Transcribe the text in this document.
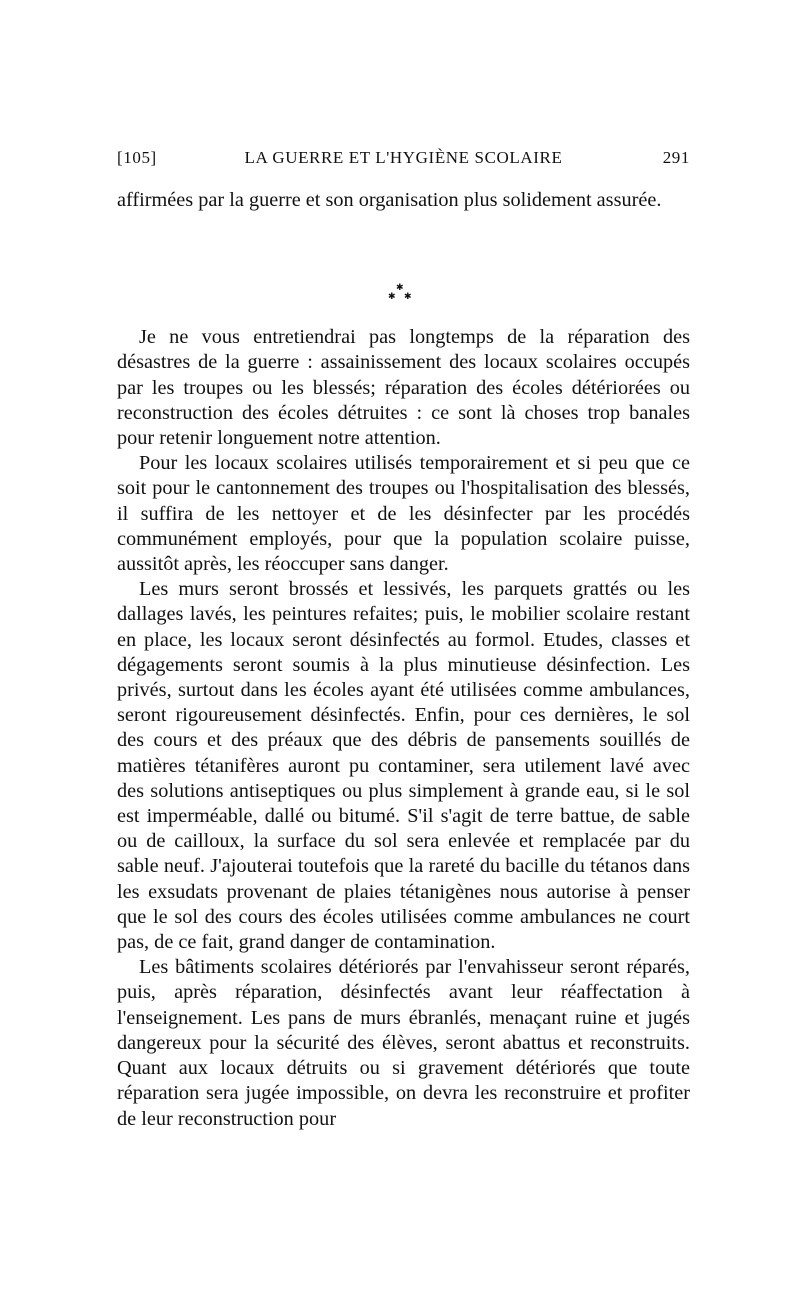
[105]	LA GUERRE ET L'HYGIÈNE SCOLAIRE	291

affirmées par la guerre et son organisation plus solidement assurée.

✱
✱ ✱

Je ne vous entretiendrai pas longtemps de la réparation des désastres de la guerre : assainissement des locaux scolaires occupés par les troupes ou les blessés; réparation des écoles détériorées ou reconstruction des écoles détruites : ce sont là choses trop banales pour retenir longuement notre attention.

Pour les locaux scolaires utilisés temporairement et si peu que ce soit pour le cantonnement des troupes ou l'hospitalisation des blessés, il suffira de les nettoyer et de les désinfecter par les procédés communément employés, pour que la population scolaire puisse, aussitôt après, les réoccuper sans danger.

Les murs seront brossés et lessivés, les parquets grattés ou les dallages lavés, les peintures refaites; puis, le mobilier scolaire restant en place, les locaux seront désinfectés au formol. Etudes, classes et dégagements seront soumis à la plus minutieuse désinfection. Les privés, surtout dans les écoles ayant été utilisées comme ambulances, seront rigoureusement désinfectés. Enfin, pour ces dernières, le sol des cours et des préaux que des débris de pansements souillés de matières tétanifères auront pu contaminer, sera utilement lavé avec des solutions antiseptiques ou plus simplement à grande eau, si le sol est imperméable, dallé ou bitumé. S'il s'agit de terre battue, de sable ou de cailloux, la surface du sol sera enlevée et remplacée par du sable neuf. J'ajouterai toutefois que la rareté du bacille du tétanos dans les exsudats provenant de plaies tétanigènes nous autorise à penser que le sol des cours des écoles utilisées comme ambulances ne court pas, de ce fait, grand danger de contamination.

Les bâtiments scolaires détériorés par l'envahisseur seront réparés, puis, après réparation, désinfectés avant leur réaffectation à l'enseignement. Les pans de murs ébranlés, menaçant ruine et jugés dangereux pour la sécurité des élèves, seront abattus et reconstruits. Quant aux locaux détruits ou si gravement détériorés que toute réparation sera jugée impossible, on devra les reconstruire et profiter de leur reconstruction pour
